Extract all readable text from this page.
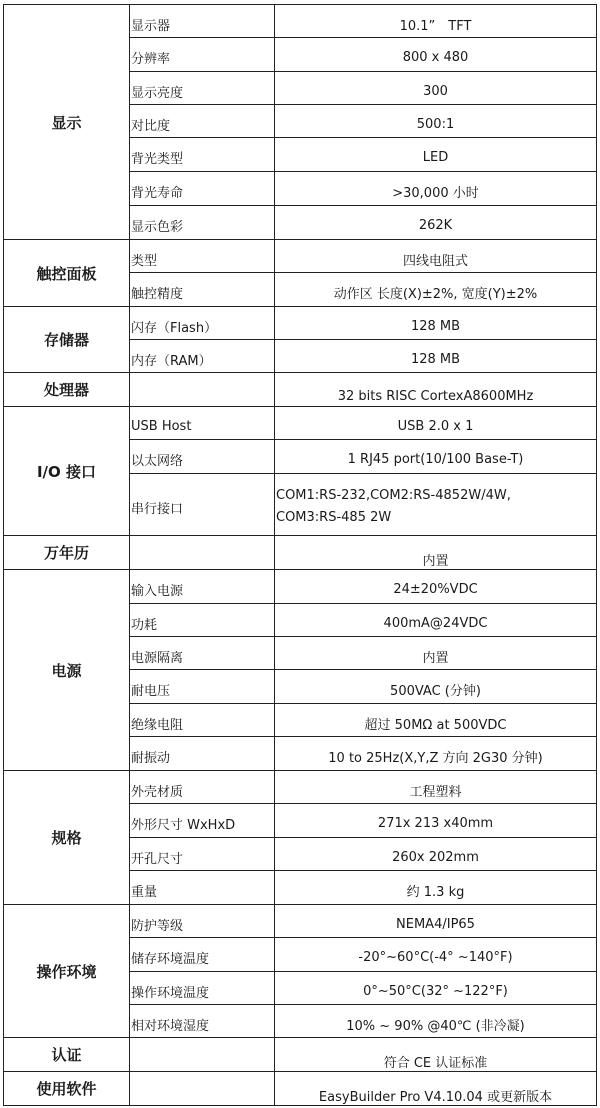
显示	显示器	10.1”　TFT
	分辨率	800 x 480
	显示亮度	300
	对比度	500:1
	背光类型	LED
	背光寿命	>30,000 小时
	显示色彩	262K
触控面板	类型	四线电阻式
	触控精度	动作区 长度(X)±2%, 宽度(Y)±2%
存储器	闪存（Flash）	128 MB
	内存（RAM）	128 MB
处理器		32 bits RISC CortexA8600MHz
I/O 接口	USB Host	USB 2.0 x 1
	以太网络	1 RJ45 port(10/100 Base-T)
	串行接口	COM1:RS-232,COM2:RS-4852W/4W,
COM3:RS-485 2W

万年历		内置
电源	输入电源	24±20%VDC
	功耗	400mA@24VDC
	电源隔离	内置
	耐电压	500VAC (分钟)
	绝缘电阻	超过 50MΩ at 500VDC
	耐振动	10 to 25Hz(X,Y,Z 方向 2G30 分钟)
规格	外壳材质	工程塑料
	外形尺寸 WxHxD	271x 213 x40mm
	开孔尺寸	260x 202mm
	重量	约 1.3 kg
操作环境	防护等级	NEMA4/IP65
	储存环境温度	-20°~60°C(-4° ~140°F)
	操作环境温度	0°~50°C(32° ~122°F)
	相对环境湿度	10% ~ 90% @40℃ (非冷凝)
认证		符合 CE 认证标准
使用软件		EasyBuilder Pro V4.10.04 或更新版本
